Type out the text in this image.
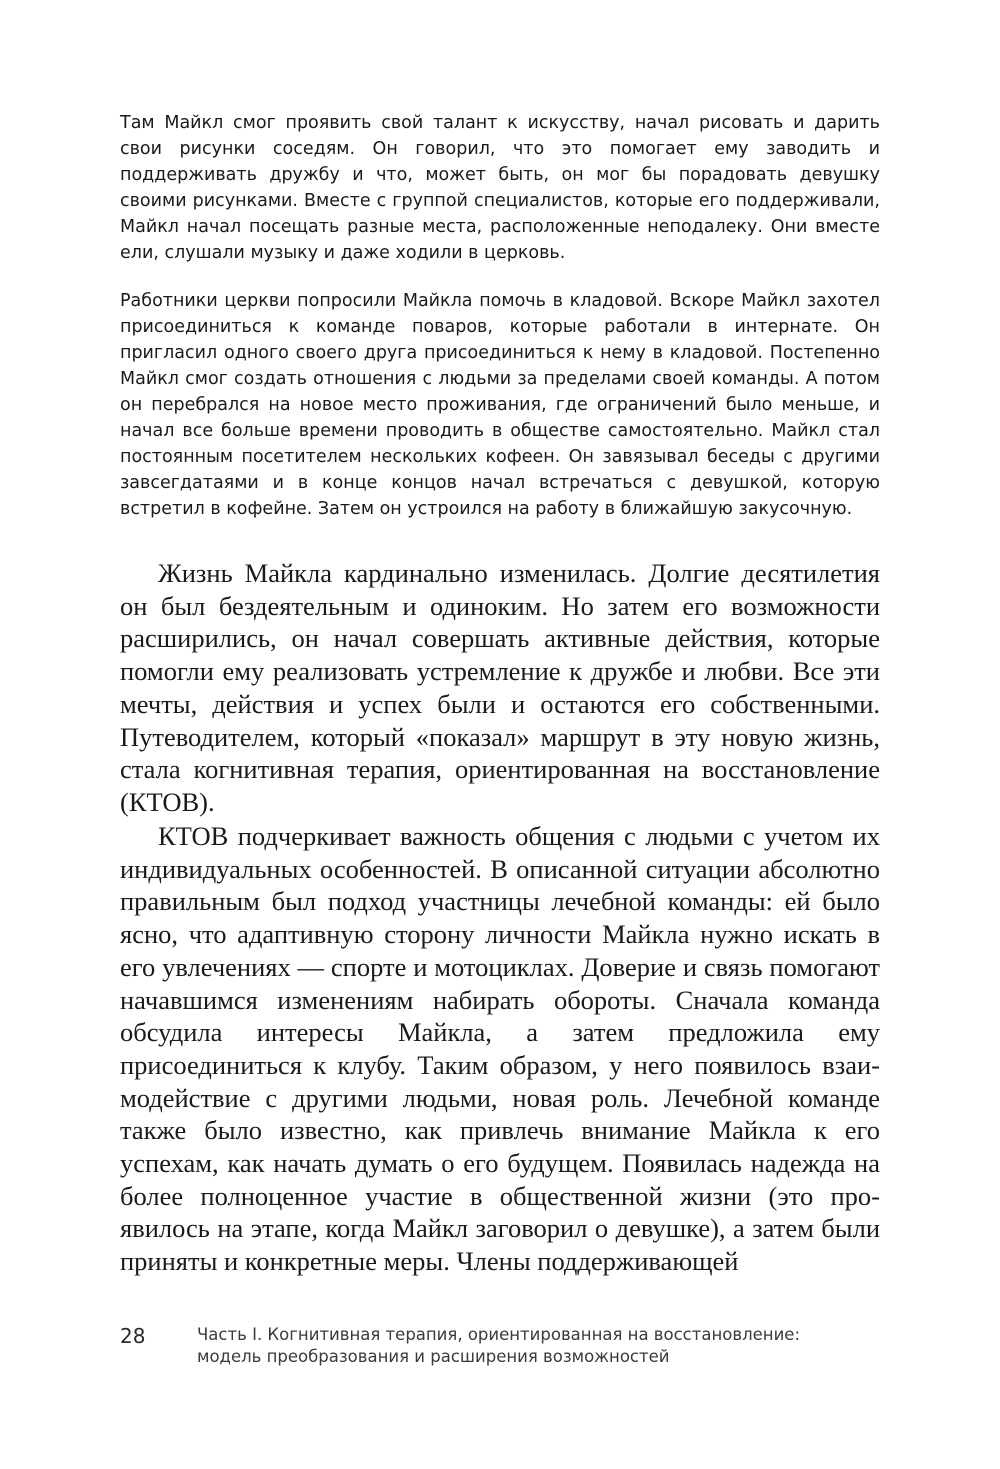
Там Майкл смог проявить свой талант к искусству, начал рисовать и дарить свои рисунки соседям. Он говорил, что это помогает ему заводить и поддерживать дружбу и что, может быть, он мог бы порадовать девушку своими рисунками. Вместе с группой специалистов, которые его поддерживали, Майкл начал посещать разные места, расположенные неподалеку. Они вместе ели, слушали музыку и даже ходили в церковь.

Работники церкви попросили Майкла помочь в кладовой. Вскоре Майкл захотел присоединиться к команде поваров, которые работали в интернате. Он пригласил одного своего друга присоединиться к нему в кладовой. Постепенно Майкл смог создать отношения с людьми за пределами своей команды. А потом он перебрался на новое место проживания, где ограничений было меньше, и начал все больше времени проводить в обществе самостоятельно. Майкл стал постоянным посетителем нескольких кофеен. Он завязывал беседы с другими завсегдатаями и в конце концов начал встречаться с девушкой, которую встретил в кофейне. Затем он устроился на работу в ближайшую закусочную.

Жизнь Майкла кардинально изменилась. Долгие десятилетия он был бездеятельным и одиноким. Но затем его возможности расширились, он начал совершать активные действия, которые помогли ему реализовать устремление к дружбе и любви. Все эти мечты, действия и успех были и остаются его собственными. Путеводителем, который «показал» маршрут в эту новую жизнь, стала когнитивная терапия, ориентированная на восстановление (КТОВ).

КТОВ подчеркивает важность общения с людьми с учетом их индивидуальных особенностей. В описанной ситуации абсолютно правильным был подход участницы лечебной команды: ей было ясно, что адаптивную сторону личности Майкла нужно искать в его увлечениях — спорте и мотоциклах. Доверие и связь помогают начавшимся изменениям набирать обороты. Сначала команда обсудила интересы Майкла, а затем предложила ему присоединиться к клубу. Таким образом, у него появилось взаимодействие с другими людьми, новая роль. Лечебной команде также было известно, как привлечь внимание Майкла к его успехам, как начать думать о его будущем. Появилась надежда на более полноценное участие в общественной жизни (это проявилось на этапе, когда Майкл заговорил о девушке), а затем были приняты и конкретные меры. Члены поддерживающей

28	Часть I. Когнитивная терапия, ориентированная на восстановление:
модель преобразования и расширения возможностей
